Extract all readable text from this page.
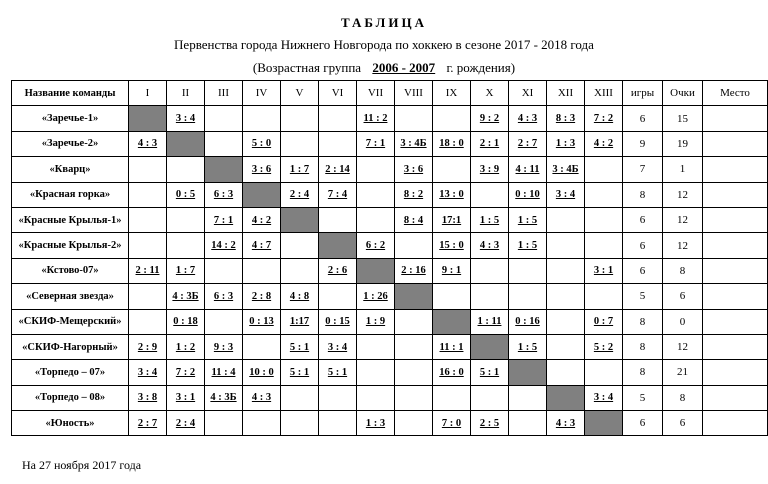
ТАБЛИЦА
Первенства города Нижнего Новгорода по хоккею в сезоне 2017 - 2018 года
(Возрастная группа 2006 - 2007 г. рождения)
Название команды	I	II	III	IV	V	VI	VII	VIII	IX	X	XI	XII	XIII	игры	Очки	Место
«Заречье-1»		3 : 4					11 : 2			9 : 2	4 : 3	8 : 3	7 : 2	6	15	
«Заречье-2»	4 : 3			5 : 0			7 : 1	3 : 4Б	18 : 0	2 : 1	2 : 7	1 : 3	4 : 2	9	19	
«Кварц»				3 : 6	1 : 7	2 : 14		3 : 6		3 : 9	4 : 11	3 : 4Б		7	1	
«Красная горка»		0 : 5	6 : 3		2 : 4	7 : 4		8 : 2	13 : 0		0 : 10	3 : 4		8	12	
«Красные Крылья-1»			7 : 1	4 : 2				8 : 4	17:1	1 : 5	1 : 5			6	12	
«Красные Крылья-2»			14 : 2	4 : 7			6 : 2		15 : 0	4 : 3	1 : 5			6	12	
«Кстово-07»	2 : 11	1 : 7				2 : 6		2 : 16	9 : 1				3 : 1	6	8	
«Северная звезда»		4 : 3Б	6 : 3	2 : 8	4 : 8		1 : 26							5	6	
«СКИФ-Мещерский»		0 : 18		0 : 13	1:17	0 : 15	1 : 9			1 : 11	0 : 16		0 : 7	8	0	
«СКИФ-Нагорный»	2 : 9	1 : 2	9 : 3		5 : 1	3 : 4			11 : 1		1 : 5		5 : 2	8	12	
«Торпедо – 07»	3 : 4	7 : 2	11 : 4	10 : 0	5 : 1	5 : 1			16 : 0	5 : 1				8	21	
«Торпедо – 08»	3 : 8	3 : 1	4 : 3Б	4 : 3									3 : 4	5	8	
«Юность»	2 : 7	2 : 4					1 : 3		7 : 0	2 : 5		4 : 3		6	6	
На 27 ноября 2017 года
